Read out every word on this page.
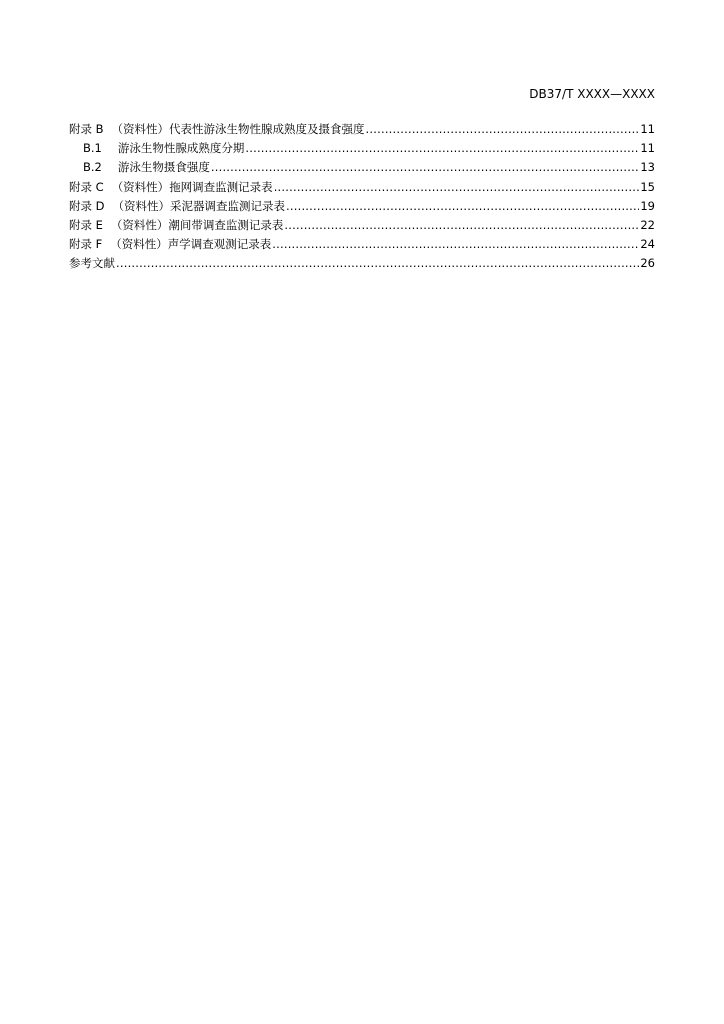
DB37/T XXXX—XXXX
附录 B （资料性）代表性游泳生物性腺成熟度及摄食强度 .....	11
B.1 游泳生物性腺成熟度分期 .....	11
B.2 游泳生物摄食强度 .....	13
附录 C （资料性）拖网调查监测记录表 .....	15
附录 D （资料性）采泥器调查监测记录表 .....	19
附录 E （资料性）潮间带调查监测记录表 .....	22
附录 F （资料性）声学调查观测记录表 .....	24
参考文献 .....	26
